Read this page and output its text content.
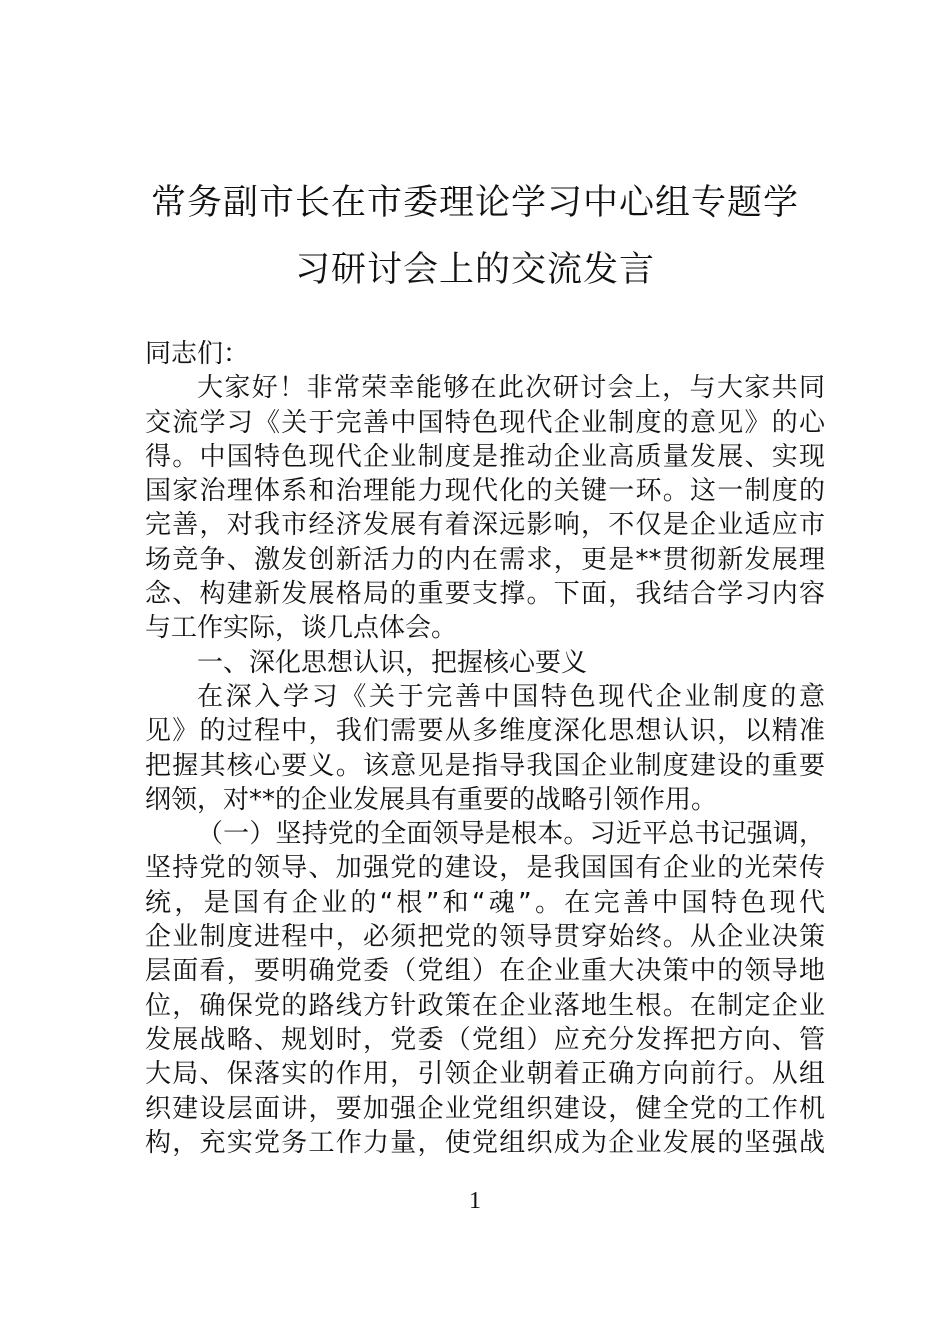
常务副市长在市委理论学习中心组专题学
习研讨会上的交流发言
同志们：
大家好！非常荣幸能够在此次研讨会上，与大家共同
交流学习《关于完善中国特色现代企业制度的意见》的心
得。中国特色现代企业制度是推动企业高质量发展、实现
国家治理体系和治理能力现代化的关键一环。这一制度的
完善，对我市经济发展有着深远影响，不仅是企业适应市
场竞争、激发创新活力的内在需求，更是**贯彻新发展理
念、构建新发展格局的重要支撑。下面，我结合学习内容
与工作实际，谈几点体会。
一、深化思想认识，把握核心要义
在深入学习《关于完善中国特色现代企业制度的意
见》的过程中，我们需要从多维度深化思想认识，以精准
把握其核心要义。该意见是指导我国企业制度建设的重要
纲领，对**的企业发展具有重要的战略引领作用。
（一）坚持党的全面领导是根本。习近平总书记强调，
坚持党的领导、加强党的建设，是我国国有企业的光荣传
统，是国有企业的“根”和“魂”。在完善中国特色现代
企业制度进程中，必须把党的领导贯穿始终。从企业决策
层面看，要明确党委（党组）在企业重大决策中的领导地
位，确保党的路线方针政策在企业落地生根。在制定企业
发展战略、规划时，党委（党组）应充分发挥把方向、管
大局、保落实的作用，引领企业朝着正确方向前行。从组
织建设层面讲，要加强企业党组织建设，健全党的工作机
构，充实党务工作力量，使党组织成为企业发展的坚强战
1
